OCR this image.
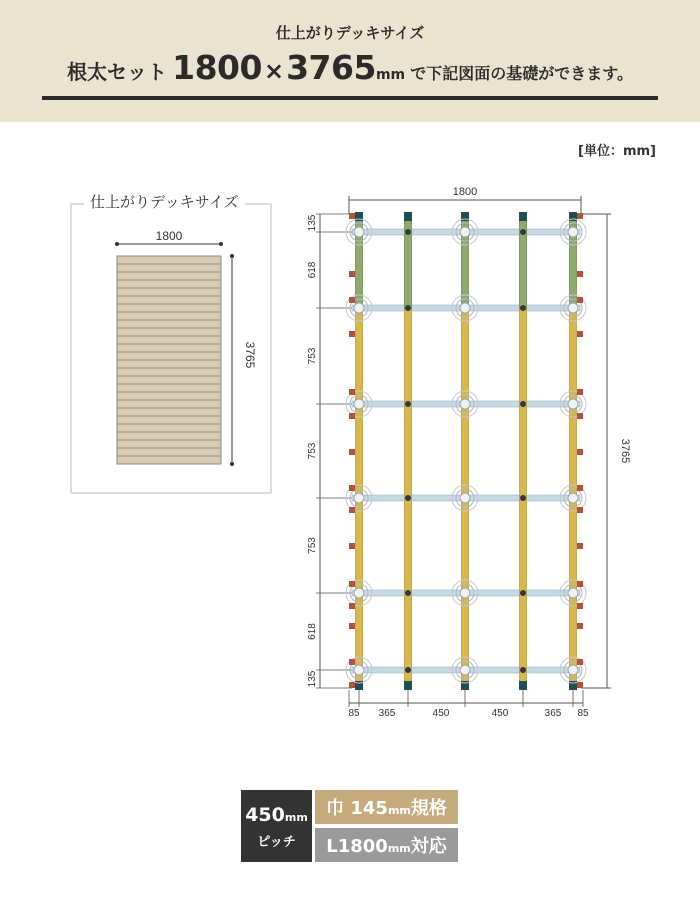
仕上がりデッキサイズ
根太セット 1800×3765mm で下記図面の基礎ができます。
[単位：mm]
仕上がりデッキサイズ
1800
3765
1800
3765
135
618
753
753
753
618
135
85 365	450	450	365 85
450mm
ピッチ
巾 145mm規格
L1800mm対応
